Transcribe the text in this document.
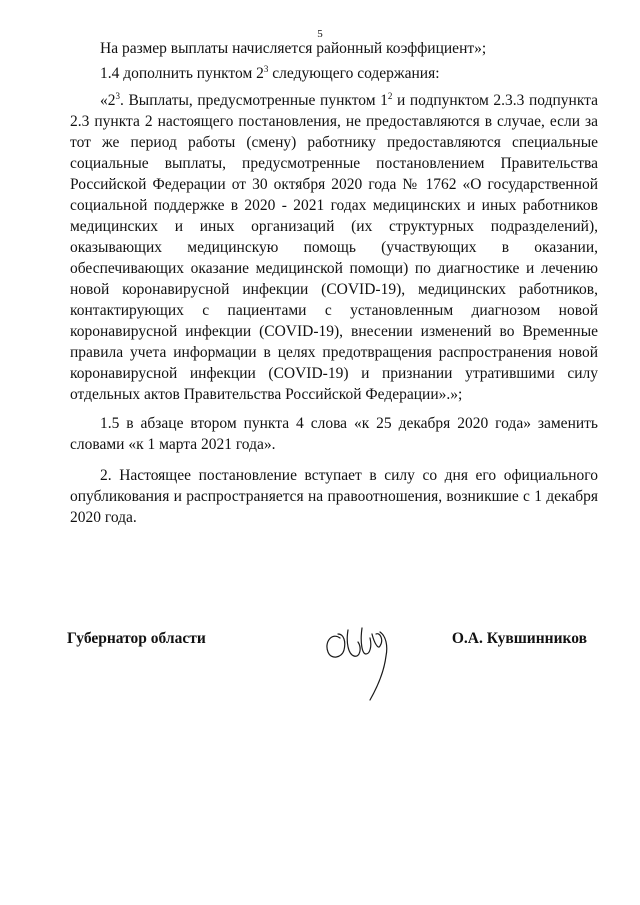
5

На размер выплаты начисляется районный коэффициент»;

1.4 дополнить пунктом $2^3$ следующего содержания:

«$2^3$. Выплаты, предусмотренные пунктом $1^2$ и подпунктом 2.3.3 подпункта 2.3 пункта 2 настоящего постановления, не предоставляются в случае, если за тот же период работы (смену) работнику предоставляются специальные социальные выплаты, предусмотренные постановлением Правительства Российской Федерации от 30 октября 2020 года № 1762 «О государственной социальной поддержке в 2020 - 2021 годах медицинских и иных работников медицинских и иных организаций (их структурных подразделений), оказывающих медицинскую помощь (участвующих в оказании, обеспечивающих оказание медицинской помощи) по диагностике и лечению новой коронавирусной инфекции (COVID-19), медицинских работников, контактирующих с пациентами с установленным диагнозом новой коронавирусной инфекции (COVID-19), внесении изменений во Временные правила учета информации в целях предотвращения распространения новой коронавирусной инфекции (COVID-19) и признании утратившими силу отдельных актов Правительства Российской Федерации».»;

1.5 в абзаце втором пункта 4 слова «к 25 декабря 2020 года» заменить словами «к 1 марта 2021 года».

2. Настоящее постановление вступает в силу со дня его официального опубликования и распространяется на правоотношения, возникшие с 1 декабря 2020 года.

Губернатор области	О.А. Кувшинников
